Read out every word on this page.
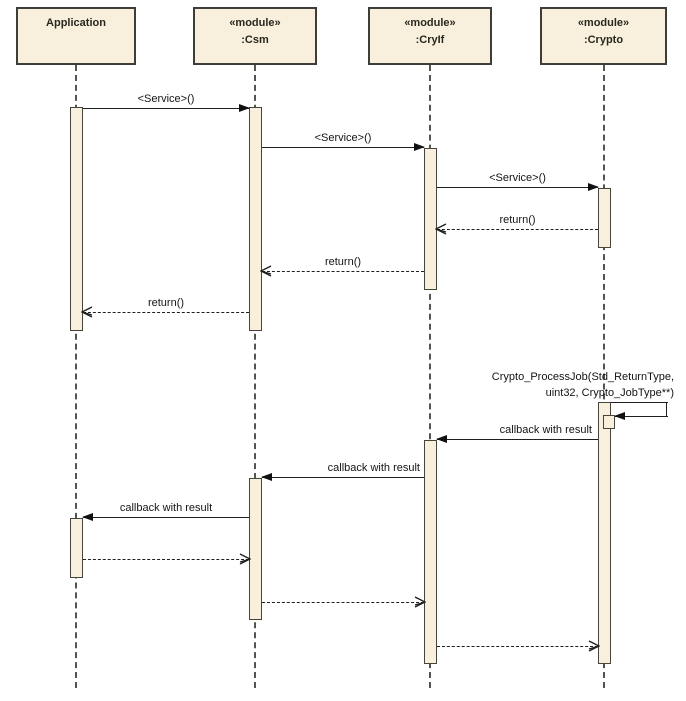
Application	«module»
:Csm
«module»
:CryIf
«module»
:Crypto
<Service>()
<Service>()
<Service>()
return()
return()
return()
Crypto_ProcessJob(Std_ReturnType,
uint32, Crypto_JobType**)
callback with result
callback with result
callback with result
